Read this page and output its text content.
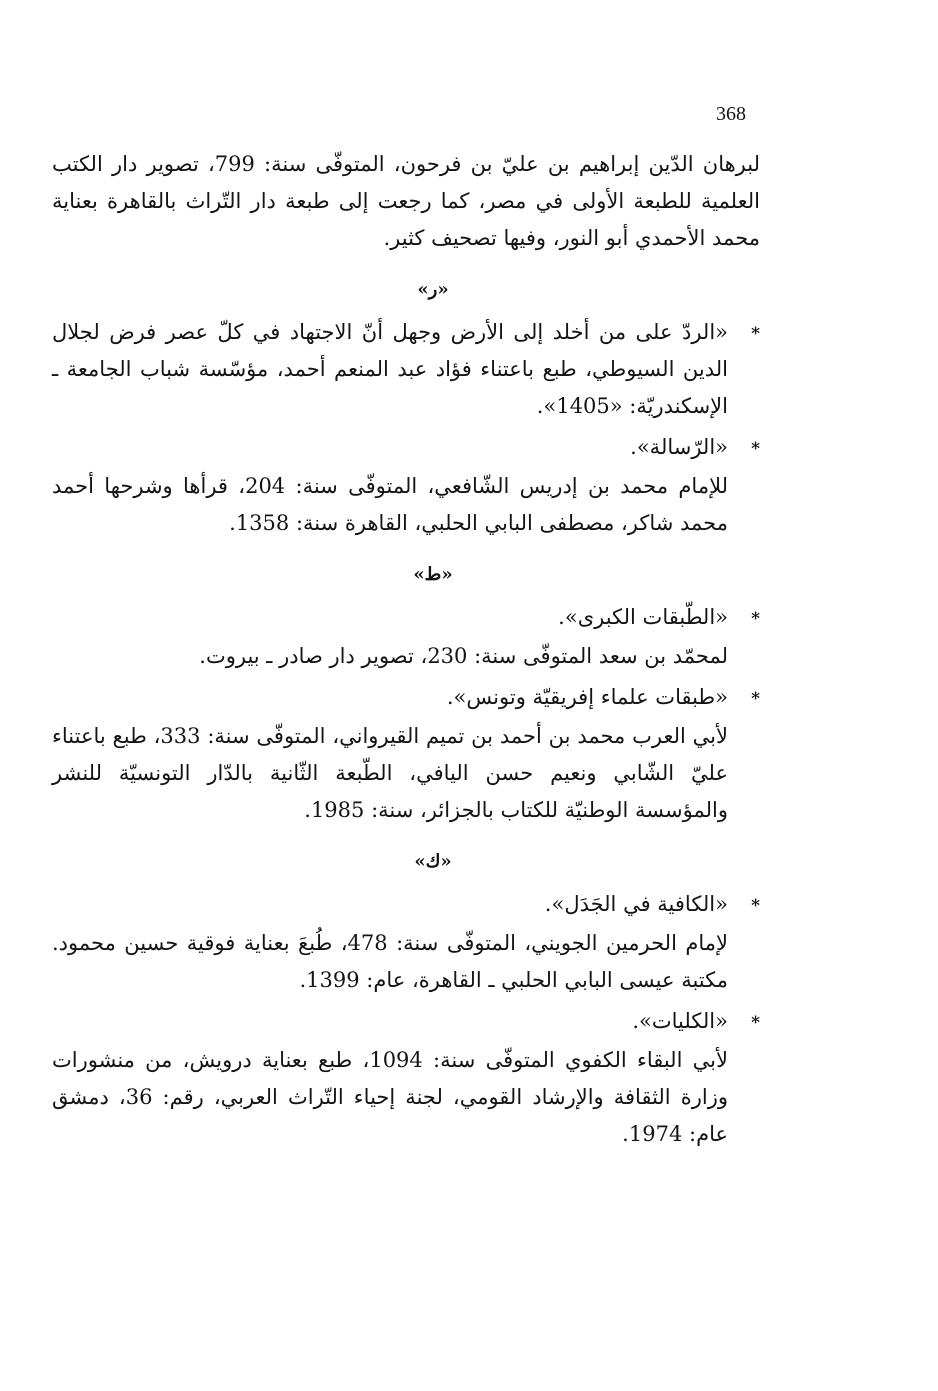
368

لبرهان الدّين إبراهيم بن عليّ بن فرحون، المتوفّى سنة: 799، تصوير دار الكتب العلمية للطبعة الأولى في مصر، كما رجعت إلى طبعة دار التّراث بالقاهرة بعناية محمد الأحمدي أبو النور، وفيها تصحيف كثير.

«ر»
*
«الردّ على من أخلد إلى الأرض وجهل أنّ الاجتهاد في كلّ عصر فرض لجلال الدين السيوطي، طبع باعتناء فؤاد عبد المنعم أحمد، مؤسّسة شباب الجامعة ـ الإسكندريّة: «1405».
*
«الرّسالة».

للإمام محمد بن إدريس الشّافعي، المتوفّى سنة: 204، قرأها وشرحها أحمد محمد شاكر، مصطفى البابي الحلبي، القاهرة سنة: 1358.

«ط»
*
«الطّبقات الكبرى».

لمحمّد بن سعد المتوفّى سنة: 230، تصوير دار صادر ـ بيروت.

*
«طبقات علماء إفريقيّة وتونس».

لأبي العرب محمد بن أحمد بن تميم القيرواني، المتوفّى سنة: 333، طبع باعتناء عليّ الشّابي ونعيم حسن اليافي، الطّبعة الثّانية بالدّار التونسيّة للنشر والمؤسسة الوطنيّة للكتاب بالجزائر، سنة: 1985.

«ك»
*
«الكافية في الجَدَل».

لإمام الحرمين الجويني، المتوفّى سنة: 478، طُبعَ بعناية فوقية حسين محمود. مكتبة عيسى البابي الحلبي ـ القاهرة، عام: 1399.

*
«الكليات».

لأبي البقاء الكفوي المتوفّى سنة: 1094، طبع بعناية درويش، من منشورات وزارة الثقافة والإرشاد القومي، لجنة إحياء التّراث العربي، رقم: 36، دمشق عام: 1974.
